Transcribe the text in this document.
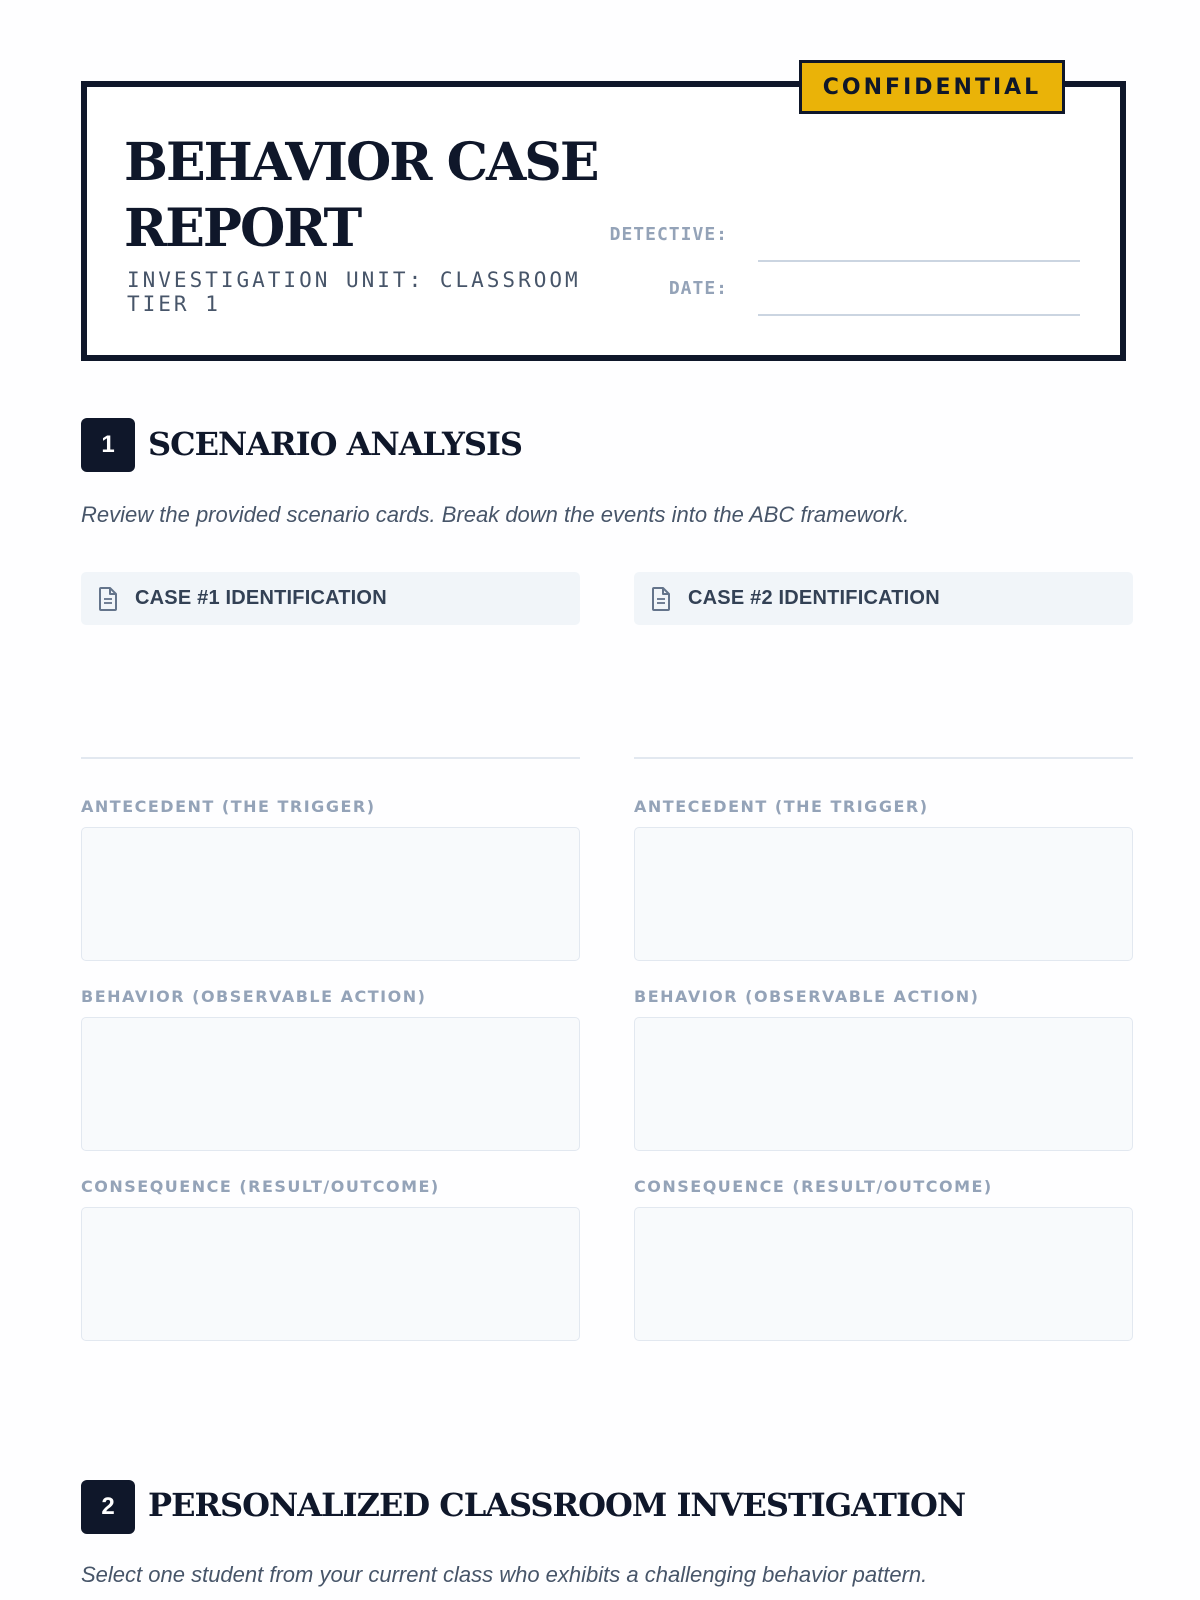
CONFIDENTIAL
BEHAVIOR CASE
REPORT
INVESTIGATION UNIT: CLASSROOM
TIER 1
DETECTIVE:
DATE:
1	SCENARIO ANALYSIS
Review the provided scenario cards. Break down the events into the ABC framework.
CASE #1 IDENTIFICATION
ANTECEDENT (THE TRIGGER)
BEHAVIOR (OBSERVABLE ACTION)
CONSEQUENCE (RESULT/OUTCOME)
CASE #2 IDENTIFICATION
ANTECEDENT (THE TRIGGER)
BEHAVIOR (OBSERVABLE ACTION)
CONSEQUENCE (RESULT/OUTCOME)
2	PERSONALIZED CLASSROOM INVESTIGATION
Select one student from your current class who exhibits a challenging behavior pattern.
